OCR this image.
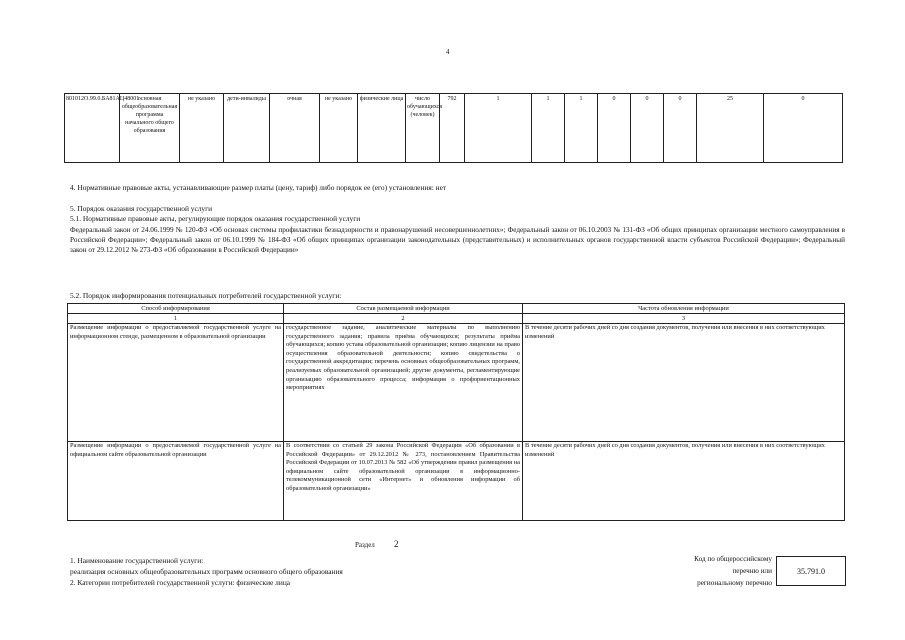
4
801012О.99.0.БА81АЦ48001	основная общеобразовательная программа начального общего образования	не указано	дети-инвалиды	очная	не указано	физические лица	число обучающихся (человек)	792	1	1	1	0	0	0	25	0
4. Нормативные правовые акты, устанавливающие размер платы (цену, тариф) либо порядок ее (его) установления: нет
5. Порядок оказания государственной услуги
5.1. Нормативные правовые акты, регулирующие порядок оказания государственной услуги
Федеральный закон от 24.06.1999 № 120-ФЗ «Об основах системы профилактики безнадзорности и правонарушений несовершеннолетних»; Федеральный закон от 06.10.2003 № 131-ФЗ «Об общих принципах организации местного самоуправления в Российской Федерации»; Федеральный закон от 06.10.1999 № 184-ФЗ «Об общих принципах организации законодательных (представительных) и исполнительных органов государственной власти субъектов Российской Федерации»; Федеральный закон от 29.12.2012 № 273-ФЗ «Об образовании в Российской Федерации»
5.2. Порядок информирования потенциальных потребителей государственной услуги:
Способ информирования	Состав размещаемой информации	Частота обновления информации
1	2	3
Размещение информации о предоставляемой государственной услуге на информационном стенде, размещенном в образовательной организации	государственное задание, аналитические материалы по выполнению государственного задания; правила приёма обучающихся; результаты приёма обучающихся; копию устава образовательной организации; копию лицензии на право осуществления образовательной деятельности; копию свидетельства о государственной аккредитации; перечень основных общеобразовательных программ, реализуемых образовательной организацией; другие документы, регламентирующие организацию образовательного процесса; информация о профориентационных мероприятиях	В течение десяти рабочих дней со дня создания документов, получения или внесения в них соответствующих изменений
Размещение информации о предоставляемой государственной услуге на официальном сайте образовательной организации	В соответствии со статьей 29 закона Российской Федерации «Об образовании в Российской Федерации» от 29.12.2012 № 273, постановлением Правительства Российской Федерации от 10.07.2013 № 582 «Об утверждении правил размещения на официальном сайте образовательной организации в информационно-телекоммуникационной сети «Интернет» и обновления информации об образовательной организации»	В течение десяти рабочих дней со дня создания документов, получения или внесения в них соответствующих изменений
Раздел 2
1. Наименование государственной услуги:
реализация основных общеобразовательных программ основного общего образования
2. Категории потребителей государственной услуги: физические лица
Код по общероссийскому
перечню или
региональному перечню
35.791.0
